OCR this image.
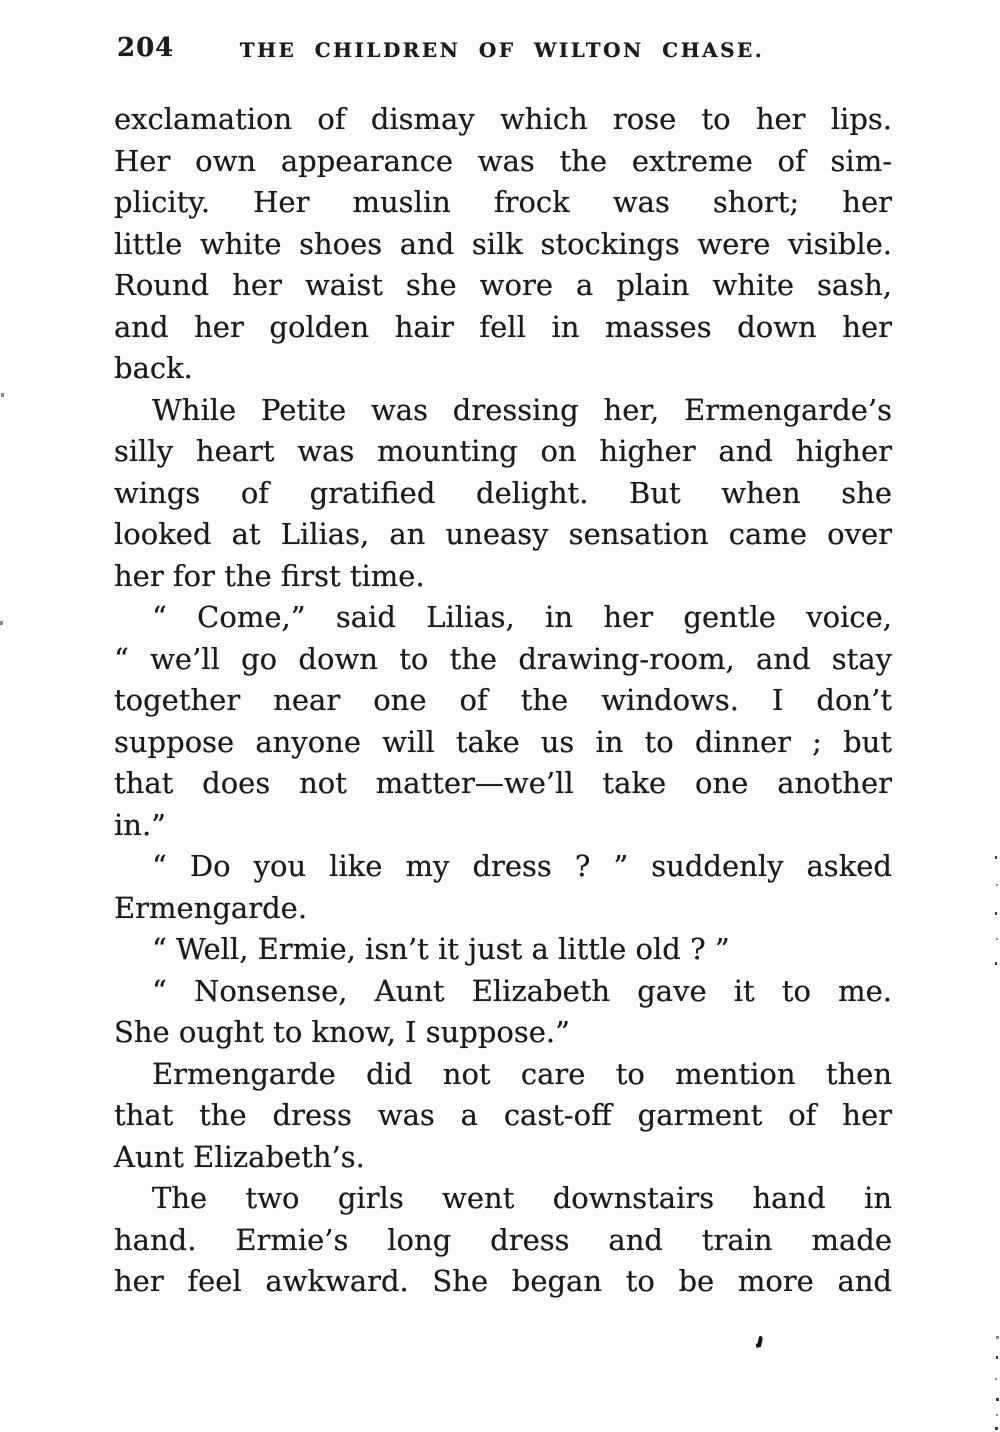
204	THE CHILDREN OF WILTON CHASE.
exclamation of dismay which rose to her lips.
Her own appearance was the extreme of sim-
plicity. Her muslin frock was short; her
little white shoes and silk stockings were visible.
Round her waist she wore a plain white sash,
and her golden hair fell in masses down her
back.
While Petite was dressing her, Ermengarde’s
silly heart was mounting on higher and higher
wings of gratified delight. But when she
looked at Lilias, an uneasy sensation came over
her for the first time.
“ Come,” said Lilias, in her gentle voice,
“ we’ll go down to the drawing-room, and stay
together near one of the windows. I don’t
suppose anyone will take us in to dinner ; but
that does not matter—we’ll take one another
in.”
“ Do you like my dress ? ” suddenly asked
Ermengarde.
“ Well, Ermie, isn’t it just a little old ? ”
“ Nonsense, Aunt Elizabeth gave it to me.
She ought to know, I suppose.”
Ermengarde did not care to mention then
that the dress was a cast-off garment of her
Aunt Elizabeth’s.
The two girls went downstairs hand in
hand. Ermie’s long dress and train made
her feel awkward. She began to be more and
